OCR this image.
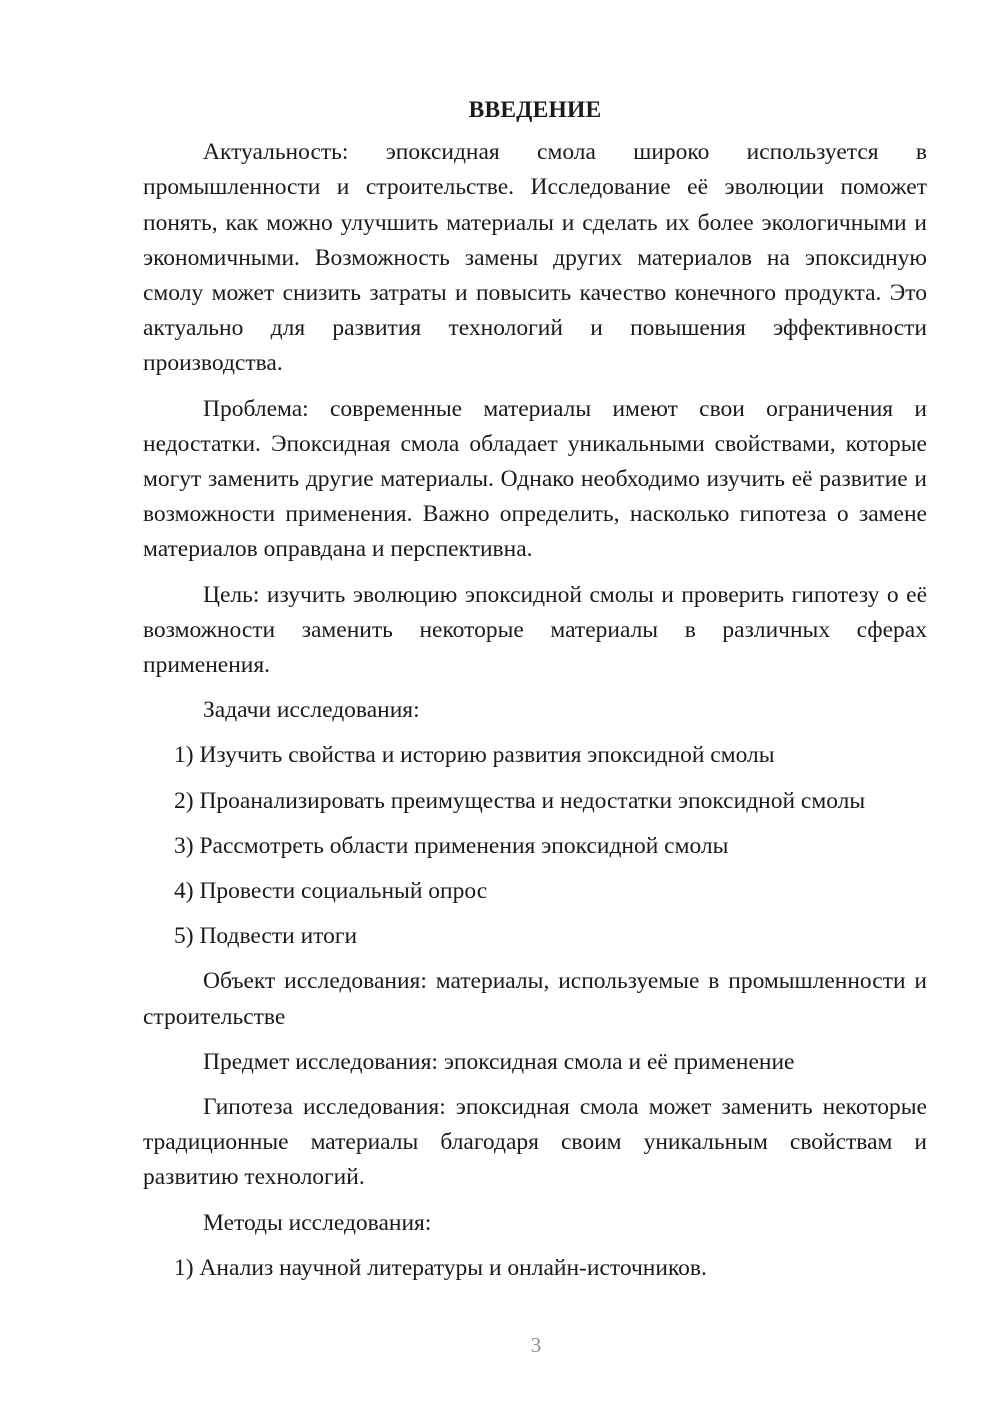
ВВЕДЕНИЕ

Актуальность: эпоксидная смола широко используется в промышленности и строительстве. Исследование её эволюции поможет понять, как можно улучшить материалы и сделать их более экологичными и экономичными. Возможность замены других материалов на эпоксидную смолу может снизить затраты и повысить качество конечного продукта. Это актуально для развития технологий и повышения эффективности производства.

Проблема: современные материалы имеют свои ограничения и недостатки. Эпоксидная смола обладает уникальными свойствами, которые могут заменить другие материалы. Однако необходимо изучить её развитие и возможности применения. Важно определить, насколько гипотеза о замене материалов оправдана и перспективна.

Цель: изучить эволюцию эпоксидной смолы и проверить гипотезу о её возможности заменить некоторые материалы в различных сферах применения.

Задачи исследования:

1) Изучить свойства и историю развития эпоксидной смолы
2) Проанализировать преимущества и недостатки эпоксидной смолы
3) Рассмотреть области применения эпоксидной смолы
4) Провести социальный опрос
5) Подвести итоги

Объект исследования: материалы, используемые в промышленности и строительстве

Предмет исследования: эпоксидная смола и её применение

Гипотеза исследования: эпоксидная смола может заменить некоторые традиционные материалы благодаря своим уникальным свойствам и развитию технологий.

Методы исследования:

1) Анализ научной литературы и онлайн-источников.
3
